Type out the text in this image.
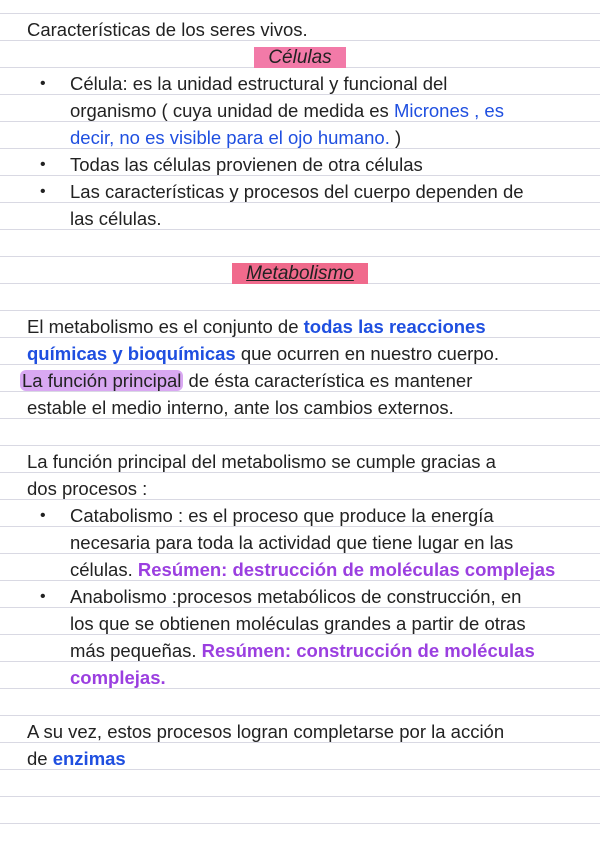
Características de los seres vivos.
Células
• Célula: es la unidad estructural y funcional del
organismo ( cuya unidad de medida es Micrones , es
decir, no es visible para el ojo humano. )
• Todas las células provienen de otra células
• Las características y procesos del cuerpo dependen de
las células.
Metabolismo
El metabolismo es el conjunto de todas las reacciones
químicas y bioquímicas que ocurren en nuestro cuerpo.
La función principal de ésta característica es mantener
estable el medio interno, ante los cambios externos.
La función principal del metabolismo se cumple gracias a
dos procesos :
• Catabolismo : es el proceso que produce la energía
necesaria para toda la actividad que tiene lugar en las
células. Resúmen: destrucción de moléculas complejas
• Anabolismo :procesos metabólicos de construcción, en
los que se obtienen moléculas grandes a partir de otras
más pequeñas. Resúmen: construcción de moléculas
complejas.
A su vez, estos procesos logran completarse por la acción
de enzimas
